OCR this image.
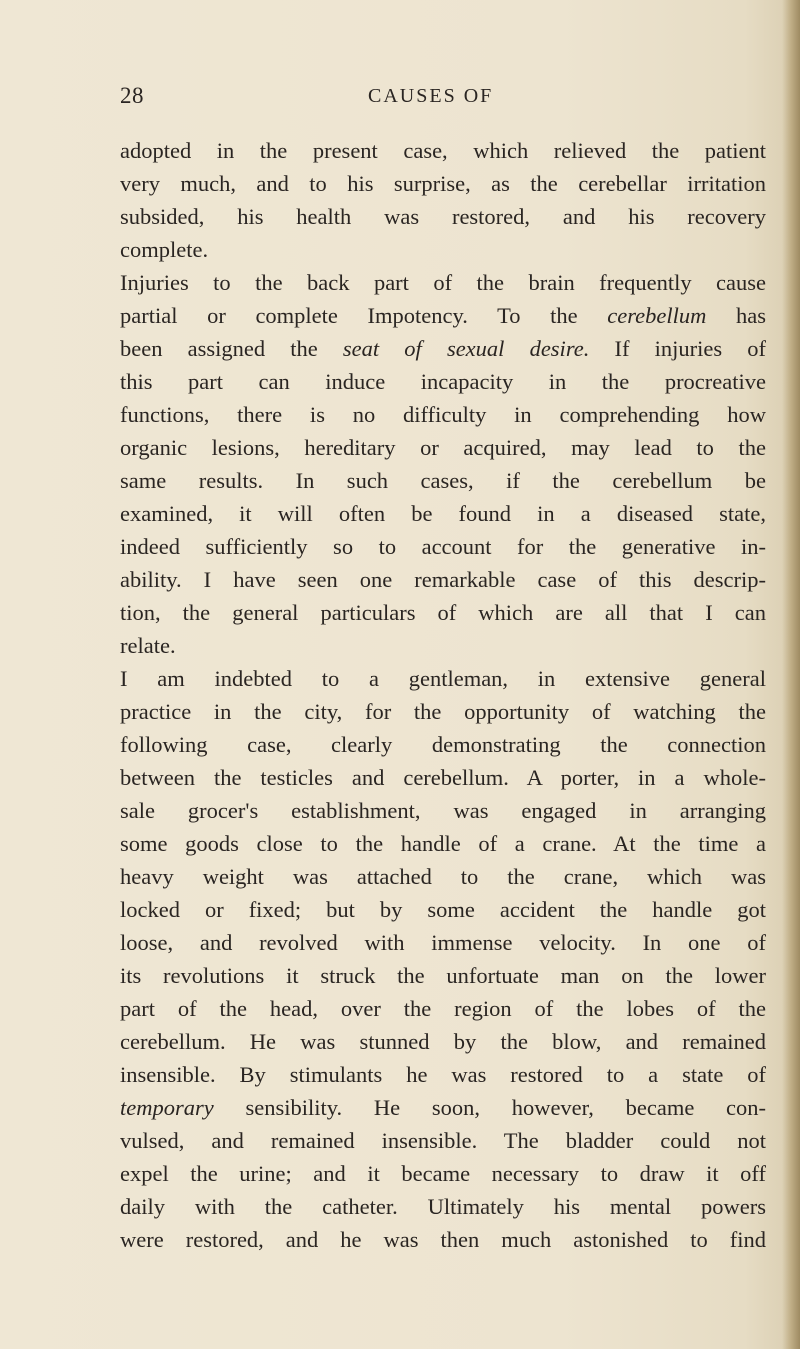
28	CAUSES OF
adopted in the present case, which relieved the patient
very much, and to his surprise, as the cerebellar irritation
subsided, his health was restored, and his recovery
complete.
Injuries to the back part of the brain frequently cause
partial or complete Impotency. To the cerebellum has
been assigned the seat of sexual desire. If injuries of
this part can induce incapacity in the procreative
functions, there is no difficulty in comprehending how
organic lesions, hereditary or acquired, may lead to the
same results. In such cases, if the cerebellum be
examined, it will often be found in a diseased state,
indeed sufficiently so to account for the generative in-
ability. I have seen one remarkable case of this descrip-
tion, the general particulars of which are all that I can
relate.
I am indebted to a gentleman, in extensive general
practice in the city, for the opportunity of watching the
following case, clearly demonstrating the connection
between the testicles and cerebellum. A porter, in a whole-
sale grocer's establishment, was engaged in arranging
some goods close to the handle of a crane. At the time a
heavy weight was attached to the crane, which was
locked or fixed; but by some accident the handle got
loose, and revolved with immense velocity. In one of
its revolutions it struck the unfortuate man on the lower
part of the head, over the region of the lobes of the
cerebellum. He was stunned by the blow, and remained
insensible. By stimulants he was restored to a state of
temporary sensibility. He soon, however, became con-
vulsed, and remained insensible. The bladder could not
expel the urine; and it became necessary to draw it off
daily with the catheter. Ultimately his mental powers
were restored, and he was then much astonished to find
